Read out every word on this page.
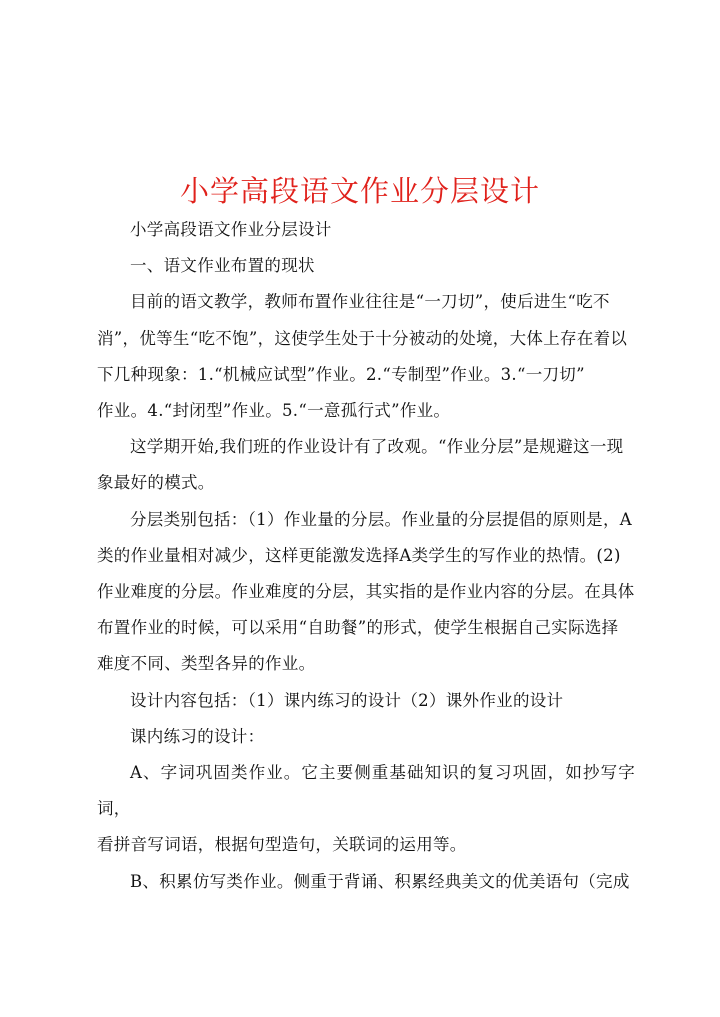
小学高段语文作业分层设计

小学高段语文作业分层设计

一、语文作业布置的现状

目前的语文教学，教师布置作业往往是“一刀切”，使后进生“吃不
消”，优等生“吃不饱”，这使学生处于十分被动的处境，大体上存在着以
下几种现象：1.“机械应试型”作业。2.“专制型”作业。3.“一刀切”
作业。4.“封闭型”作业。5.“一意孤行式”作业。

这学期开始,我们班的作业设计有了改观。“作业分层”是规避这一现
象最好的模式。

分层类别包括：（1）作业量的分层。作业量的分层提倡的原则是，A
类的作业量相对减少，这样更能激发选择A类学生的写作业的热情。(2)
作业难度的分层。作业难度的分层，其实指的是作业内容的分层。在具体
布置作业的时候，可以采用“自助餐”的形式，使学生根据自己实际选择
难度不同、类型各异的作业。

设计内容包括：（1）课内练习的设计（2）课外作业的设计

课内练习的设计：

A、字词巩固类作业。它主要侧重基础知识的复习巩固，如抄写字词，
看拼音写词语，根据句型造句，关联词的运用等。

B、积累仿写类作业。侧重于背诵、积累经典美文的优美语句（完成
